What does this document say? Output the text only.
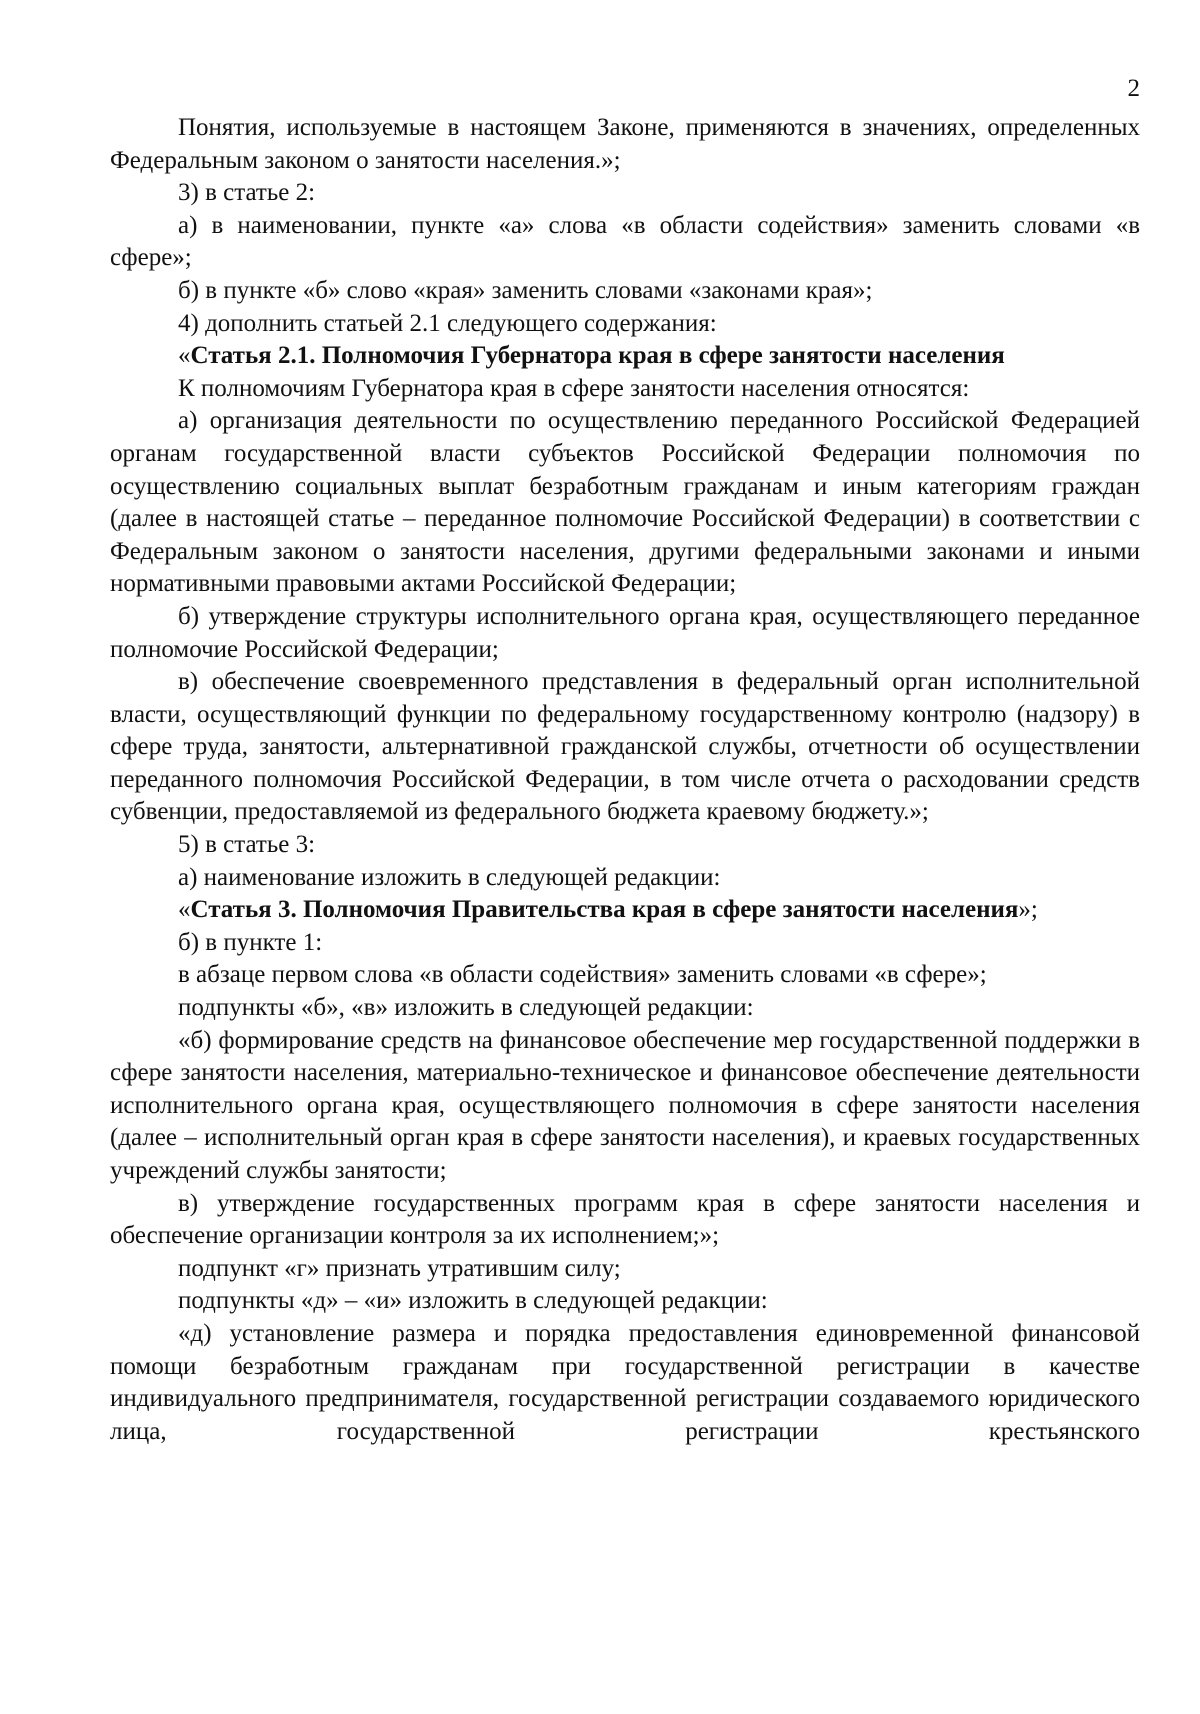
2

Понятия, используемые в настоящем Законе, применяются в значениях, определенных Федеральным законом о занятости населения.»;

3) в статье 2:

а) в наименовании, пункте «а» слова «в области содействия» заменить словами «в сфере»;

б) в пункте «б» слово «края» заменить словами «законами края»;

4) дополнить статьей 2.1 следующего содержания:

«Статья 2.1. Полномочия Губернатора края в сфере занятости населения

К полномочиям Губернатора края в сфере занятости населения относятся:

а) организация деятельности по осуществлению переданного Российской Федерацией органам государственной власти субъектов Российской Федерации полномочия по осуществлению социальных выплат безработным гражданам и иным категориям граждан (далее в настоящей статье – переданное полномочие Российской Федерации) в соответствии с Федеральным законом о занятости населения, другими федеральными законами и иными нормативными правовыми актами Российской Федерации;

б) утверждение структуры исполнительного органа края, осуществляющего переданное полномочие Российской Федерации;

в) обеспечение своевременного представления в федеральный орган исполнительной власти, осуществляющий функции по федеральному государственному контролю (надзору) в сфере труда, занятости, альтернативной гражданской службы, отчетности об осуществлении переданного полномочия Российской Федерации, в том числе отчета о расходовании средств субвенции, предоставляемой из федерального бюджета краевому бюджету.»;

5) в статье 3:

а) наименование изложить в следующей редакции:

«Статья 3. Полномочия Правительства края в сфере занятости населения»;

б) в пункте 1:

в абзаце первом слова «в области содействия» заменить словами «в сфере»;

подпункты «б», «в» изложить в следующей редакции:

«б) формирование средств на финансовое обеспечение мер государственной поддержки в сфере занятости населения, материально-техническое и финансовое обеспечение деятельности исполнительного органа края, осуществляющего полномочия в сфере занятости населения (далее – исполнительный орган края в сфере занятости населения), и краевых государственных учреждений службы занятости;

в) утверждение государственных программ края в сфере занятости населения и обеспечение организации контроля за их исполнением;»;

подпункт «г» признать утратившим силу;

подпункты «д» – «и» изложить в следующей редакции:

«д) установление размера и порядка предоставления единовременной финансовой помощи безработным гражданам при государственной регистрации в качестве индивидуального предпринимателя, государственной регистрации создаваемого юридического лица, государственной регистрации крестьянского
